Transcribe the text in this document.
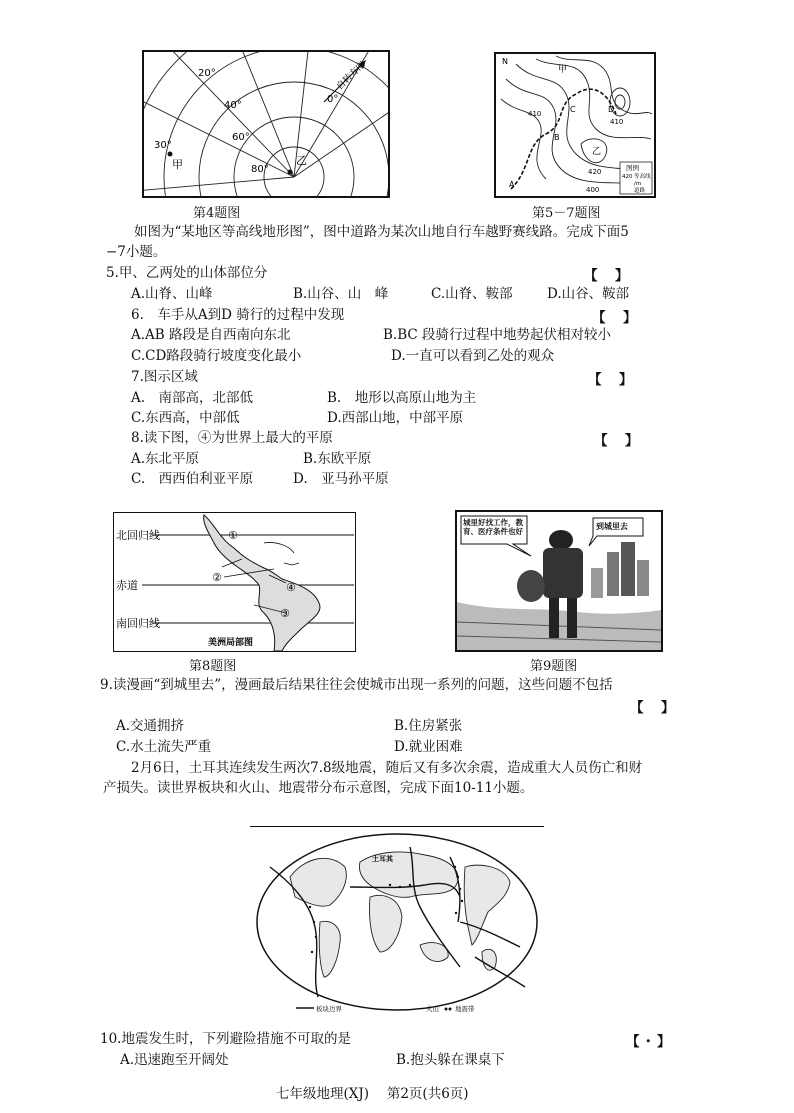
20°
40°
60°
80°
0°
30°
甲	乙
自转方向
第4题图
A
B
C	D
N
甲
乙
410
410
400
420	图例
420 等高线
/m
道路
第5－7题图
如图为“某地区等高线地形图”，图中道路为某次山地自行车越野赛线路。完成下面5
−7小题。
5.甲、乙两处的山体部位分	【　】
A.山脊、山峰	B.山谷、山　峰	C.山脊、鞍部	D.山谷、鞍部
6.　车手从A到D 骑行的过程中发现	【　】
A.AB 路段是自西南向东北	B.BC 段骑行过程中地势起伏相对较小
C.CD路段骑行坡度变化最小	D.一直可以看到乙处的观众
7.图示区域	【　】
A.　南部高，北部低	B.　地形以高原山地为主
C.东西高，中部低	D.西部山地，中部平原
8.读下图，④为世界上最大的平原	【　】
A.东北平原	B.东欧平原
C.　西西伯利亚平原	D.　亚马孙平原
北回归线
赤道
南回归线
①
②
③
④
美洲局部图
第8题图
城里好找工作，教育、医疗条件也好
到城里去
第9题图
9.读漫画“到城里去”，漫画最后结果往往会使城市出现一系列的问题，这些问题不包括
【　】
A.交通拥挤	B.住房紧张
C.水土流失严重	D.就业困难
2月6日，土耳其连续发生两次7.8级地震，随后又有多次余震，造成重大人员伤亡和财
产损失。读世界板块和火山、地震带分布示意图，完成下面10-11小题。
土耳其
板块边界	火山 地震带
10.地震发生时，下列避险措施不可取的是	【・】
A.迅速跑至开阔处	B.抱头躲在课桌下
七年级地理(XJ)　 第2页(共6页)
